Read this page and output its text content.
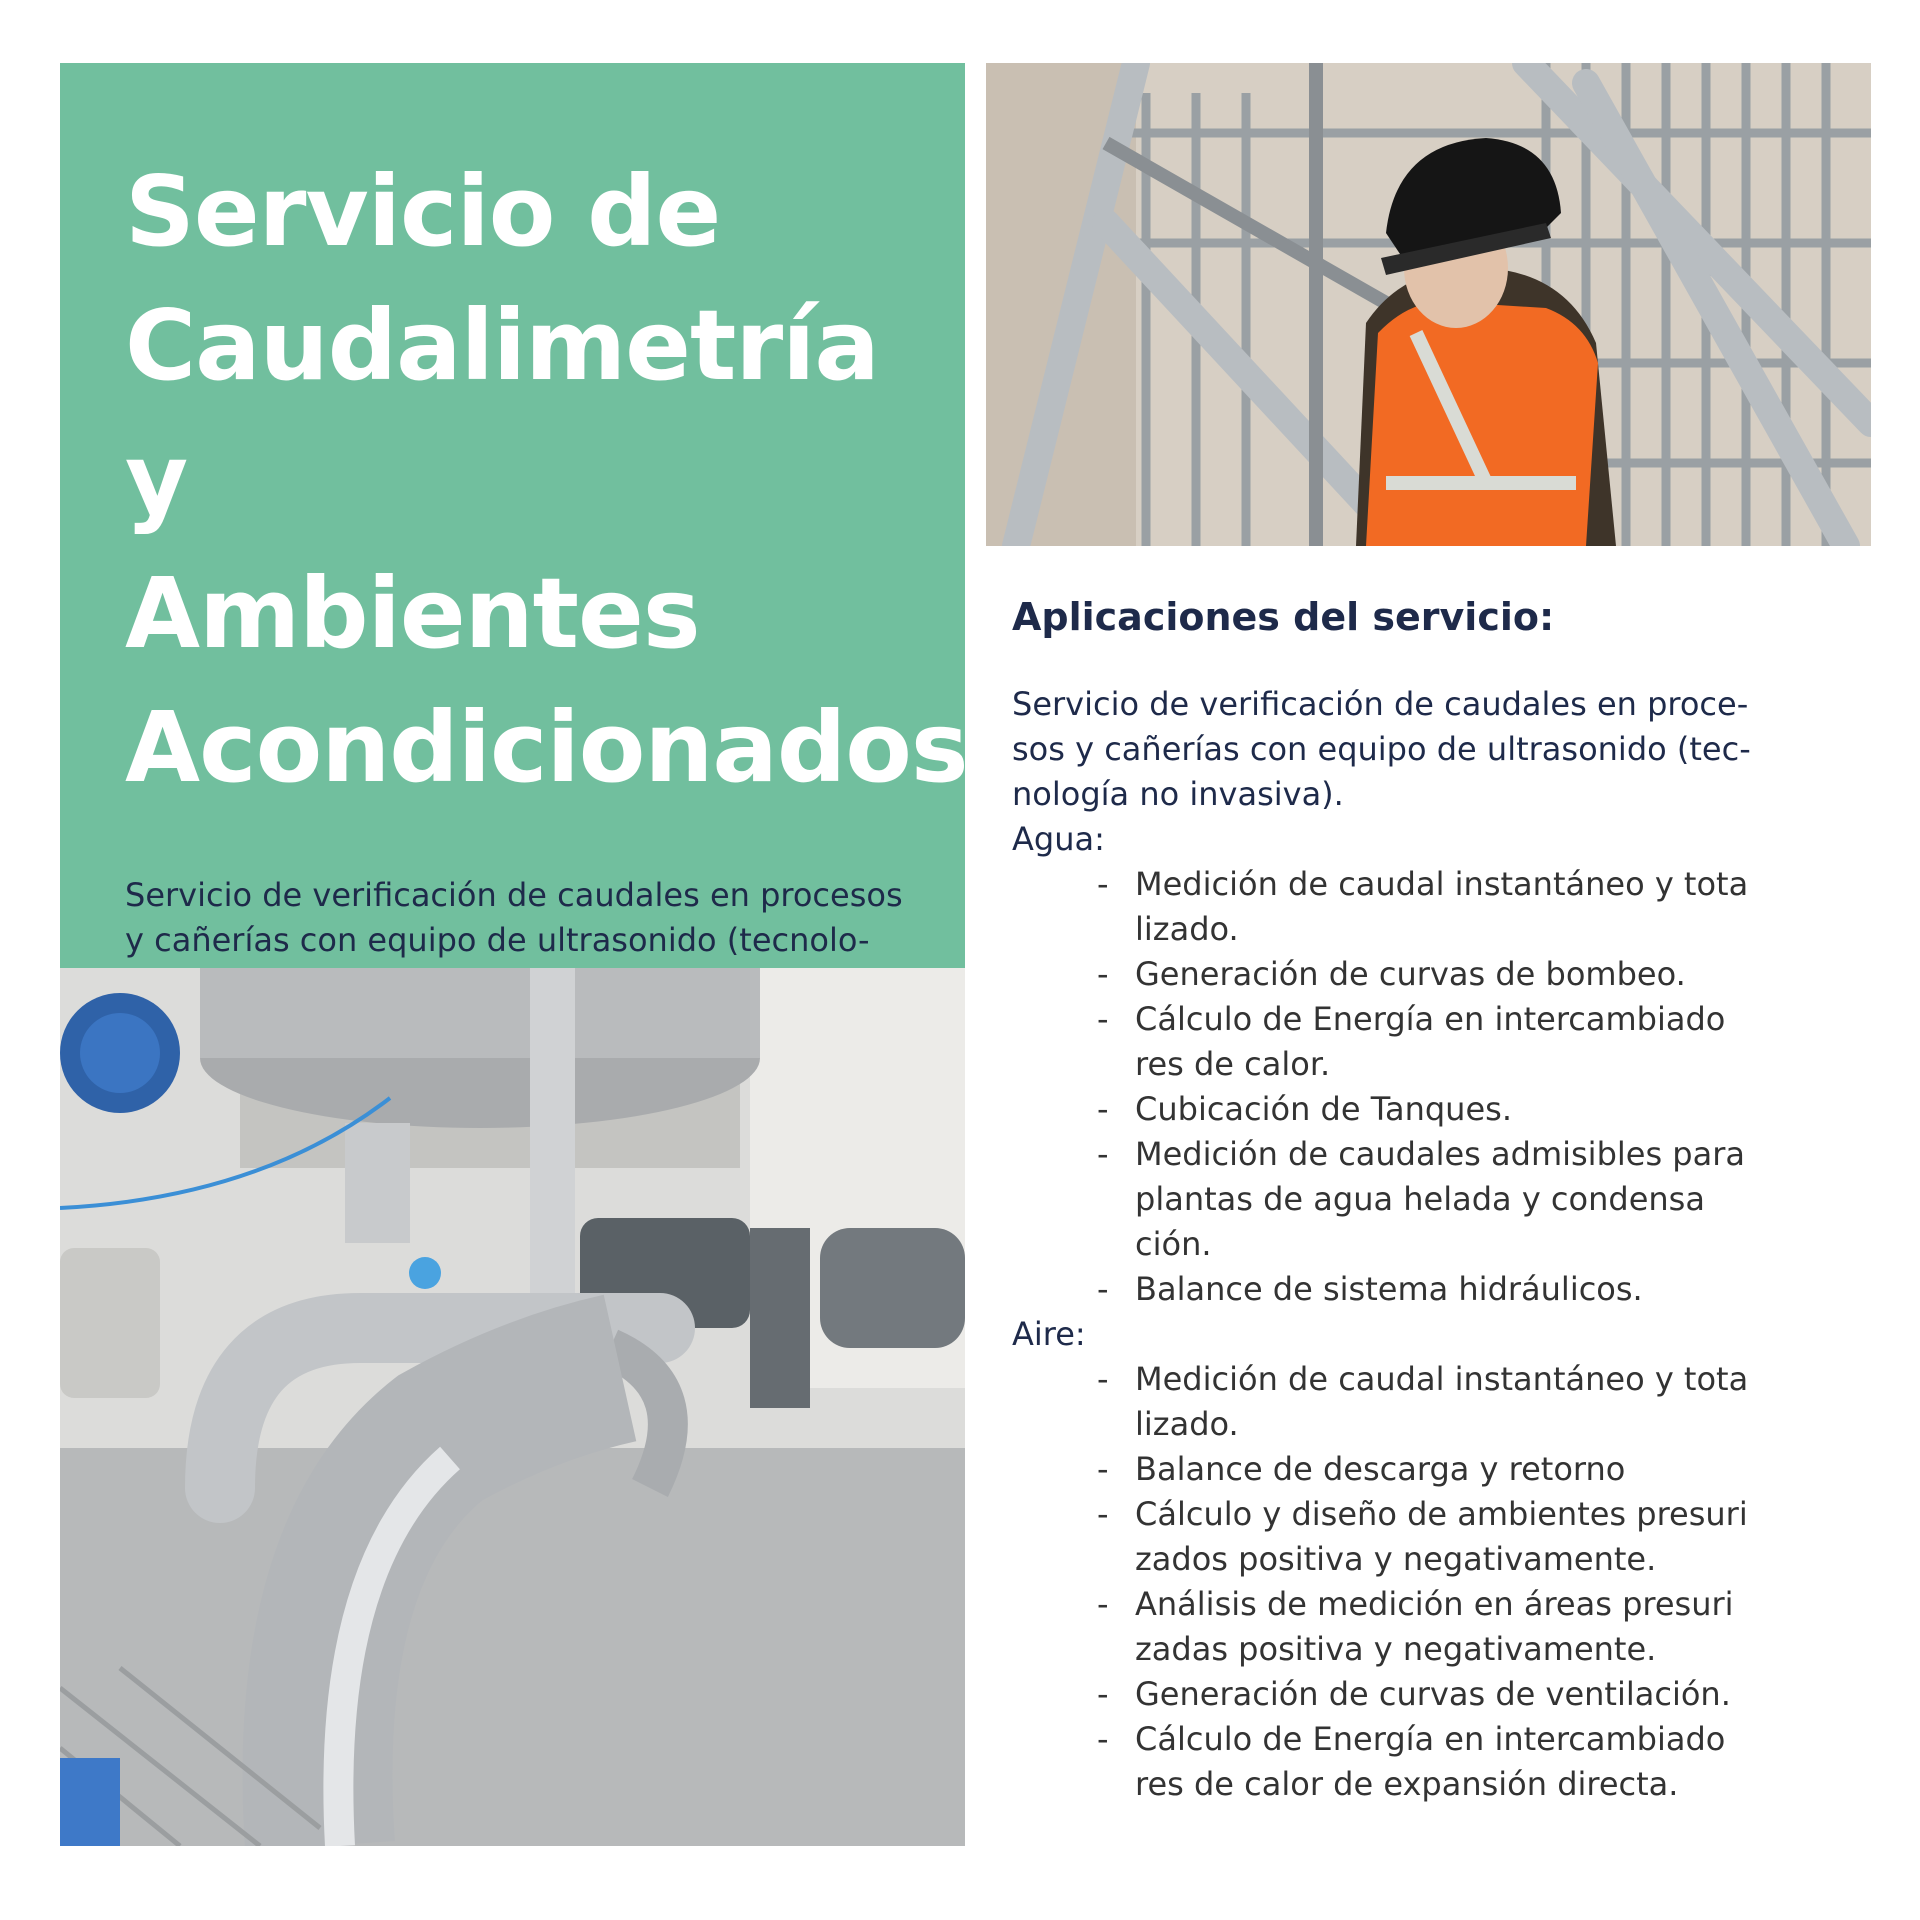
Servicio de
Caudalimetría y
Ambientes
Acondicionados

Servicio de verificación de caudales en procesos
y cañerías con equipo de ultrasonido (tecnolo-

Aplicaciones del servicio:

Servicio de verificación de caudales en proce-
sos y cañerías con equipo de ultrasonido (tec-
nología no invasiva).

Agua:

- Medición de caudal instantáneo y tota
lizado.
- Generación de curvas de bombeo.
- Cálculo de Energía en intercambiado
res de calor.
- Cubicación de Tanques.
- Medición de caudales admisibles para
plantas de agua helada y condensa
ción.
- Balance de sistema hidráulicos.

Aire:

- Medición de caudal instantáneo y tota
lizado.
- Balance de descarga y retorno
- Cálculo y diseño de ambientes presuri
zados positiva y negativamente.
- Análisis de medición en áreas presuri
zadas positiva y negativamente.
- Generación de curvas de ventilación.
- Cálculo de Energía en intercambiado
res de calor de expansión directa.
